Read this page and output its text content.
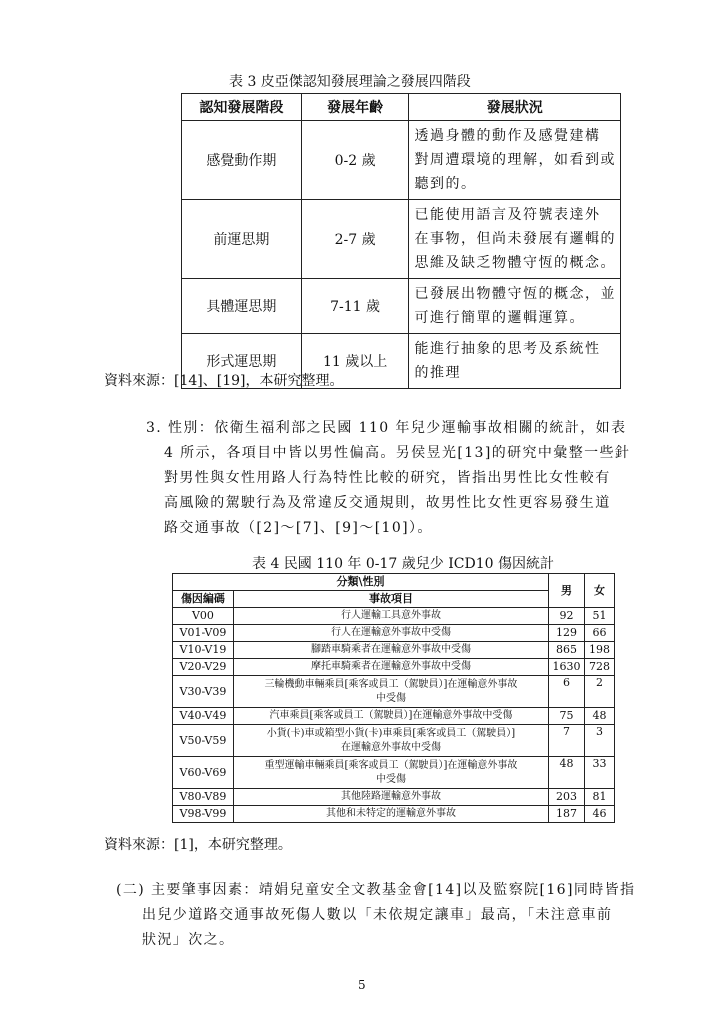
表 3 皮亞傑認知發展理論之發展四階段
認知發展階段	發展年齡	發展狀況
感覺動作期	0-2 歲	透過身體的動作及感覺建構
對周遭環境的理解，如看到或
聽到的。

前運思期	2-7 歲	已能使用語言及符號表達外
在事物，但尚未發展有邏輯的
思維及缺乏物體守恆的概念。

具體運思期	7-11 歲	已發展出物體守恆的概念，並
可進行簡單的邏輯運算。

形式運思期	11 歲以上	能進行抽象的思考及系統性
的推理
資料來源：[14]、[19]，本研究整理。
3. 性別：依衛生福利部之民國 110 年兒少運輸事故相關的統計，如表
4 所示，各項目中皆以男性偏高。另侯昱光[13]的研究中彙整一些針
對男性與女性用路人行為特性比較的研究，皆指出男性比女性較有
高風險的駕駛行為及常違反交通規則，故男性比女性更容易發生道
路交通事故（[2]～[7]、[9]～[10]）。
表 4 民國 110 年 0-17 歲兒少 ICD10 傷因統計
分類\性別		男	女
傷因編碼	事故項目		
V00	行人運輸工具意外事故	92	51
V01-V09	行人在運輸意外事故中受傷	129	66
V10-V19	腳踏車騎乘者在運輸意外事故中受傷	865	198
V20-V29	摩托車騎乘者在運輸意外事故中受傷	1630	728
V30-V39	三輪機動車輛乘員[乘客或員工（駕駛員）]在運輸意外事故
中受傷	6	2
V40-V49	汽車乘員[乘客或員工（駕駛員）]在運輸意外事故中受傷	75	48
V50-V59	小貨(卡)車或箱型小貨(卡)車乘員[乘客或員工（駕駛員）]
在運輸意外事故中受傷	7	3
V60-V69	重型運輸車輛乘員[乘客或員工（駕駛員）]在運輸意外事故
中受傷	48	33
V80-V89	其他陸路運輸意外事故	203	81
V98-V99	其他和未特定的運輸意外事故	187	46
資料來源：[1]，本研究整理。
(二) 主要肇事因素：靖娟兒童安全文教基金會[14]以及監察院[16]同時皆指
出兒少道路交通事故死傷人數以「未依規定讓車」最高，「未注意車前
狀況」次之。
5
